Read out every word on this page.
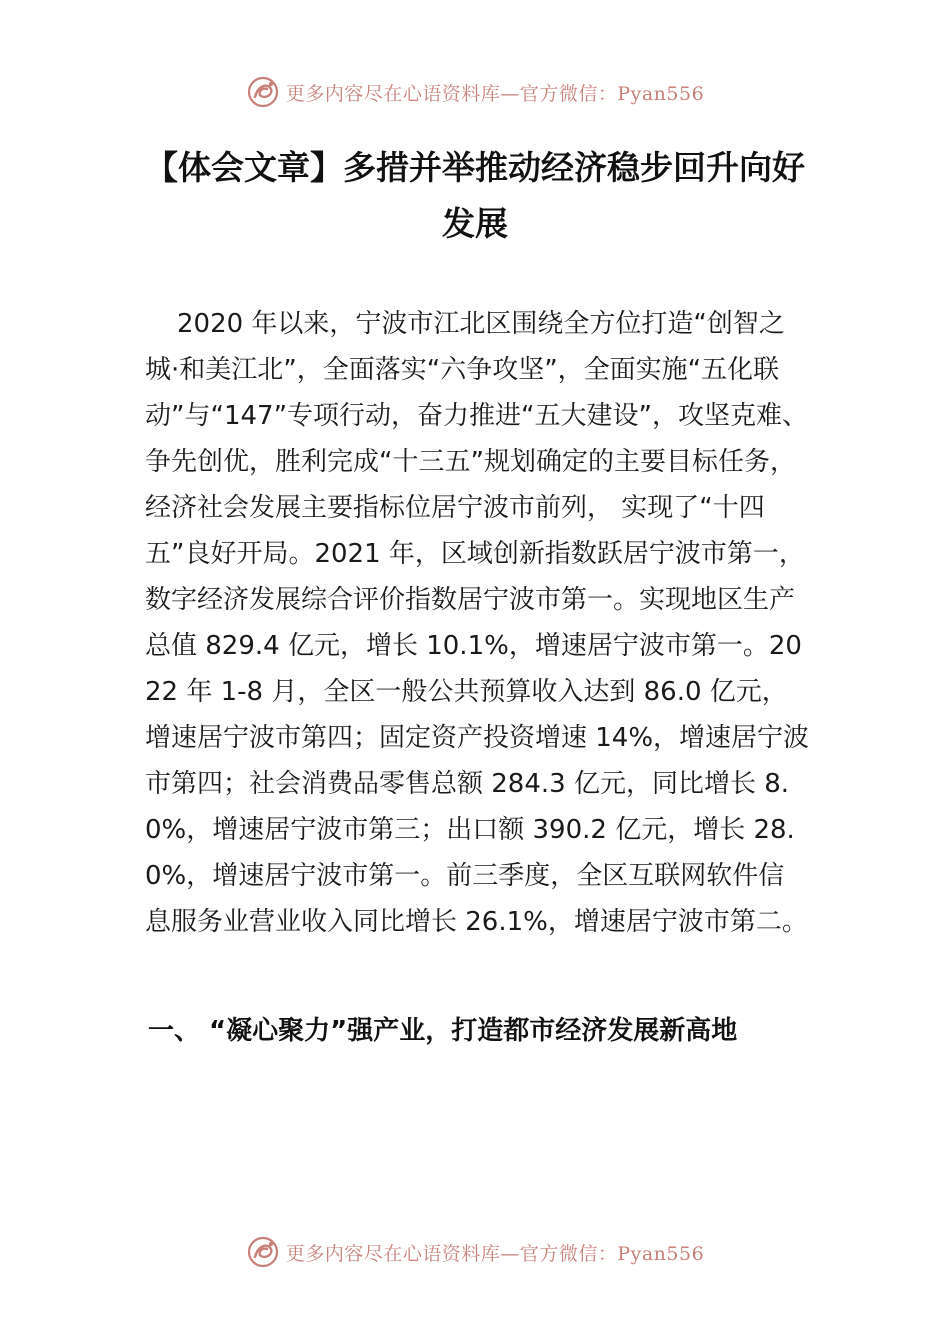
更多内容尽在心语资料库—官方微信：Pyan556
【体会文章】多措并举推动经济稳步回升向好发展

2020 年以来，宁波市江北区围绕全方位打造“创智之城·和美江北”，全面落实“六争攻坚”，全面实施“五化联动”与“147”专项行动，奋力推进“五大建设”，攻坚克难、争先创优，胜利完成“十三五”规划确定的主要目标任务，经济社会发展主要指标位居宁波市前列， 实现了“十四五”良好开局。2021 年，区域创新指数跃居宁波市第一，数字经济发展综合评价指数居宁波市第一。实现地区生产总值 829.4 亿元，增长 10.1%，增速居宁波市第一。2022 年 1-8 月，全区一般公共预算收入达到 86.0 亿元，增速居宁波市第四；固定资产投资增速 14%，增速居宁波市第四；社会消费品零售总额 284.3 亿元，同比增长 8.0%，增速居宁波市第三；出口额 390.2 亿元，增长 28.0%，增速居宁波市第一。前三季度，全区互联网软件信息服务业营业收入同比增长 26.1%，增速居宁波市第二。

一、 “凝心聚力”强产业，打造都市经济发展新高地
更多内容尽在心语资料库—官方微信：Pyan556
